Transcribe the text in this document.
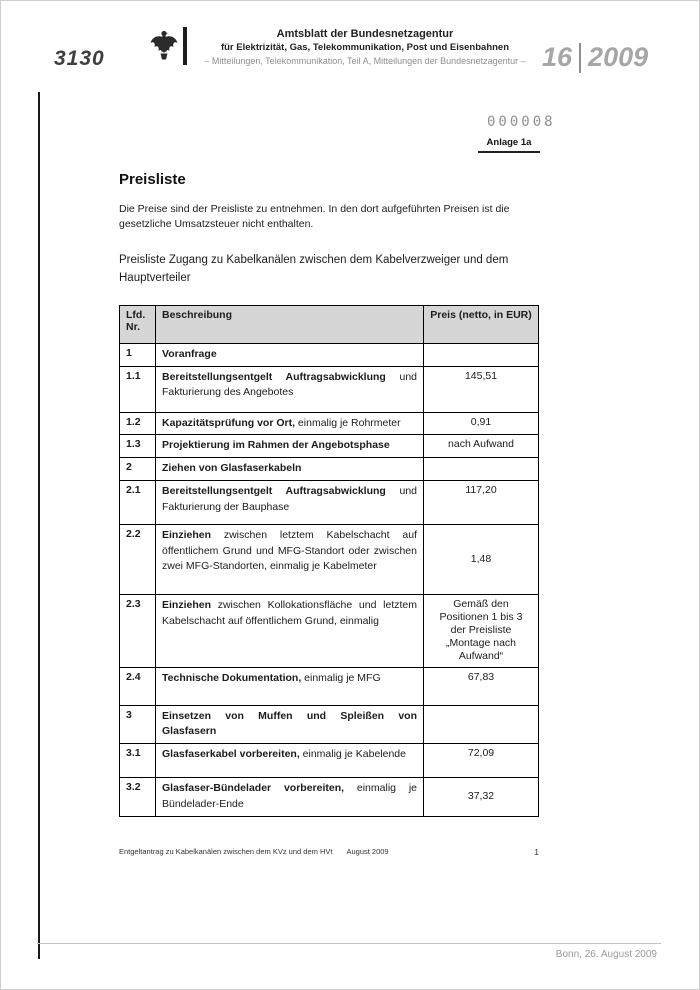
3130
Amtsblatt der Bundesnetzagentur
für Elektrizität, Gas, Telekommunikation, Post und Eisenbahnen
– Mitteilungen, Telekommunikation, Teil A, Mitteilungen der Bundesnetzagentur – 16 2009
000008
Anlage 1a
Preisliste

Die Preise sind der Preisliste zu entnehmen. In den dort aufgeführten Preisen ist die gesetzliche Umsatzsteuer nicht enthalten.

Preisliste Zugang zu Kabelkanälen zwischen dem Kabelverzweiger und dem Hauptverteiler

Lfd. Nr.	Beschreibung	Preis (netto, in EUR)
1	Voranfrage	
1.1	Bereitstellungsentgelt Auftragsabwicklung und Fakturierung des Angebotes	145,51
1.2	Kapazitätsprüfung vor Ort, einmalig je Rohrmeter	0,91
1.3	Projektierung im Rahmen der Angebotsphase	nach Aufwand
2	Ziehen von Glasfaserkabeln	
2.1	Bereitstellungsentgelt Auftragsabwicklung und Fakturierung der Bauphase	117,20
2.2	Einziehen zwischen letztem Kabelschacht auf öffentlichem Grund und MFG-Standort oder zwischen zwei MFG-Standorten, einmalig je Kabelmeter	1,48
2.3	Einziehen zwischen Kollokationsfläche und letztem Kabelschacht auf öffentlichem Grund, einmalig	Gemäß den Positionen 1 bis 3 der Preisliste „Montage nach Aufwand“
2.4	Technische Dokumentation, einmalig je MFG	67,83
3	Einsetzen von Muffen und Spleißen von Glasfasern	
3.1	Glasfaserkabel vorbereiten, einmalig je Kabelende	72,09
3.2	Glasfaser-Bündelader vorbereiten, einmalig je Bündelader-Ende	37,32
Entgeltantrag zu Kabelkanälen zwischen dem KVz und dem HVt August 2009	1
Bonn, 26. August 2009
